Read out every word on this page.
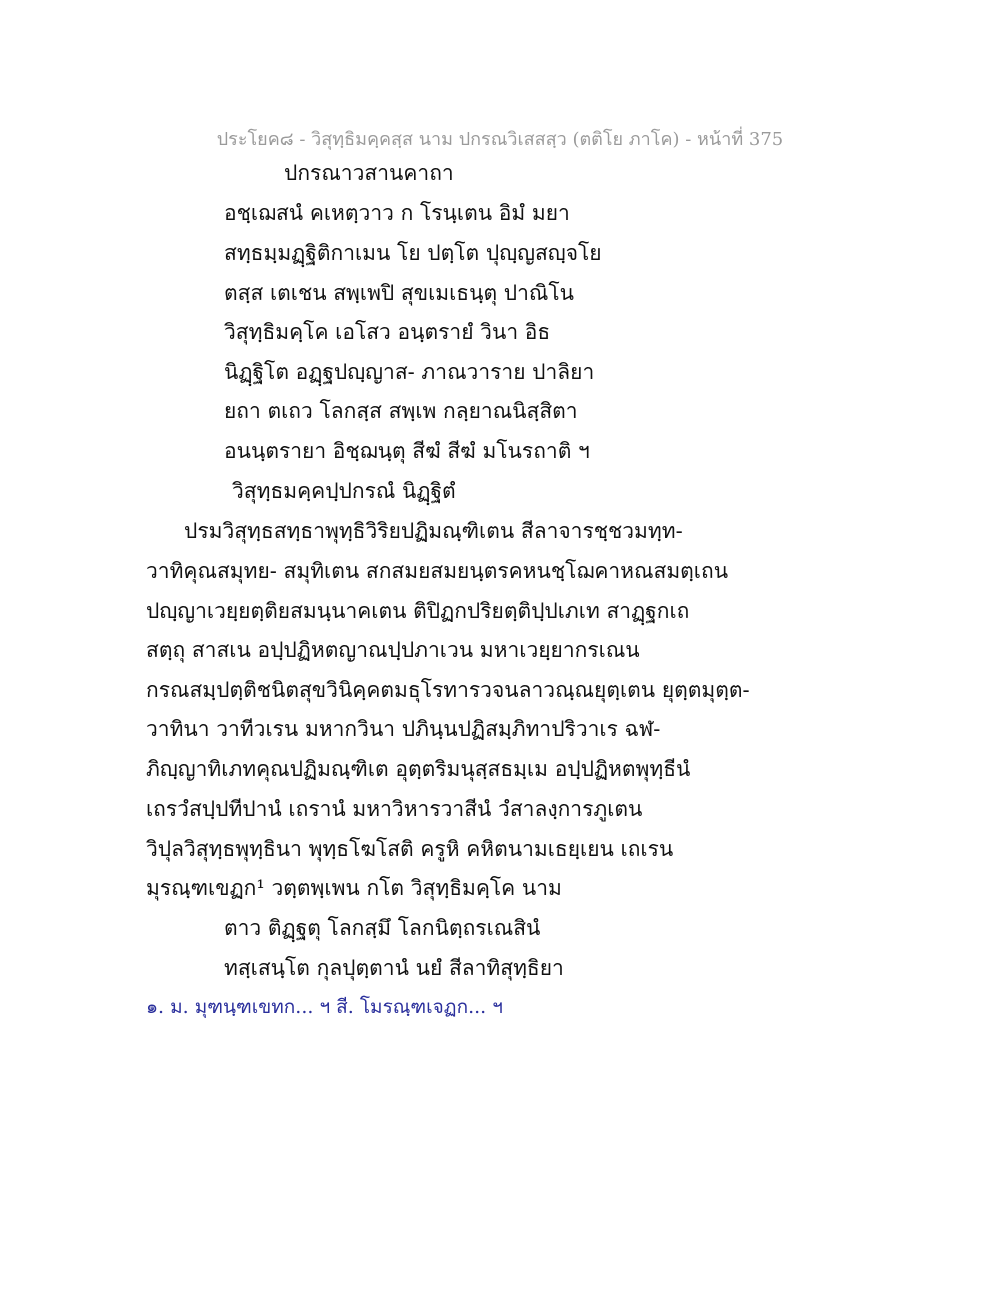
ประโยค๘ - วิสุทฺธิมคฺคสฺส นาม ปกรณวิเสสสฺว (ตติโย ภาโค) - หน้าที่ 375
ปกรณาวสานคาถา
อชฺเฌสนํ คเหตฺวาว ก โรนฺเตน อิมํ มยา
สทฺธมฺมฏฺฐิติกาเมน โย ปตฺโต ปุญฺญสญฺจโย
ตสฺส เตเชน สพฺเพปิ สุขเมเธนฺตุ ปาณิโน
วิสุทฺธิมคฺโค เอโสว อนฺตรายํ วินา อิธ
นิฏฺฐิโต อฏฺฐปญฺญาส- ภาณวาราย ปาลิยา
ยถา ตเถว โลกสฺส สพฺเพ กลฺยาณนิสฺสิตา
อนนฺตรายา อิชฺฌนฺตุ สีฆํ สีฆํ มโนรถาติ ฯ
วิสุทฺธมคฺคปฺปกรณํ นิฏฺฐิตํ
ปรมวิสุทฺธสทฺธาพุทฺธิวิริยปฏิมณฺฑิเตน สีลาจารชฺชวมทฺท-
วาทิคุณสมุทย- สมุทิเตน สกสมยสมยนฺตรคหนชฺโฌคาหณสมตฺเถน
ปญฺญาเวยฺยตฺติยสมนฺนาคเตน ติปิฏกปริยตฺติปฺปเภเท สาฏฺฐกเถ
สตฺถุ สาสเน อปฺปฏิหตญาณปฺปภาเวน มหาเวยฺยากรเณน
กรณสมฺปตฺติชนิตสุขวินิคฺคตมธุโรทารวจนลาวณฺณยุตฺเตน ยุตฺตมุตฺต-
วาทินา วาทีวเรน มหากวินา ปภินฺนปฏิสมฺภิทาปริวาเร ฉฬ-
ภิญฺญาทิเภทคุณปฏิมณฺฑิเต อุตฺตริมนุสฺสธมฺเม อปฺปฏิหตพุทฺธีนํ
เถรวํสปฺปทีปานํ เถรานํ มหาวิหารวาสีนํ วํสาลงฺการภูเตน
วิปุลวิสุทฺธพุทฺธินา พุทฺธโฆโสติ ครูหิ คหิตนามเธยฺเยน เถเรน
มุรณฺฑเขฏก¹ วตฺตพฺเพน กโต วิสุทฺธิมคฺโค นาม
ตาว ติฏฺฐตุ โลกสฺมึ โลกนิตฺถรเณสินํ
ทสฺเสนฺโต กุลปุตฺตานํ นยํ สีลาทิสุทฺธิยา
๑. ม. มุฑนฺฑเขทก... ฯ สี. โมรณฺฑเจฏก... ฯ
